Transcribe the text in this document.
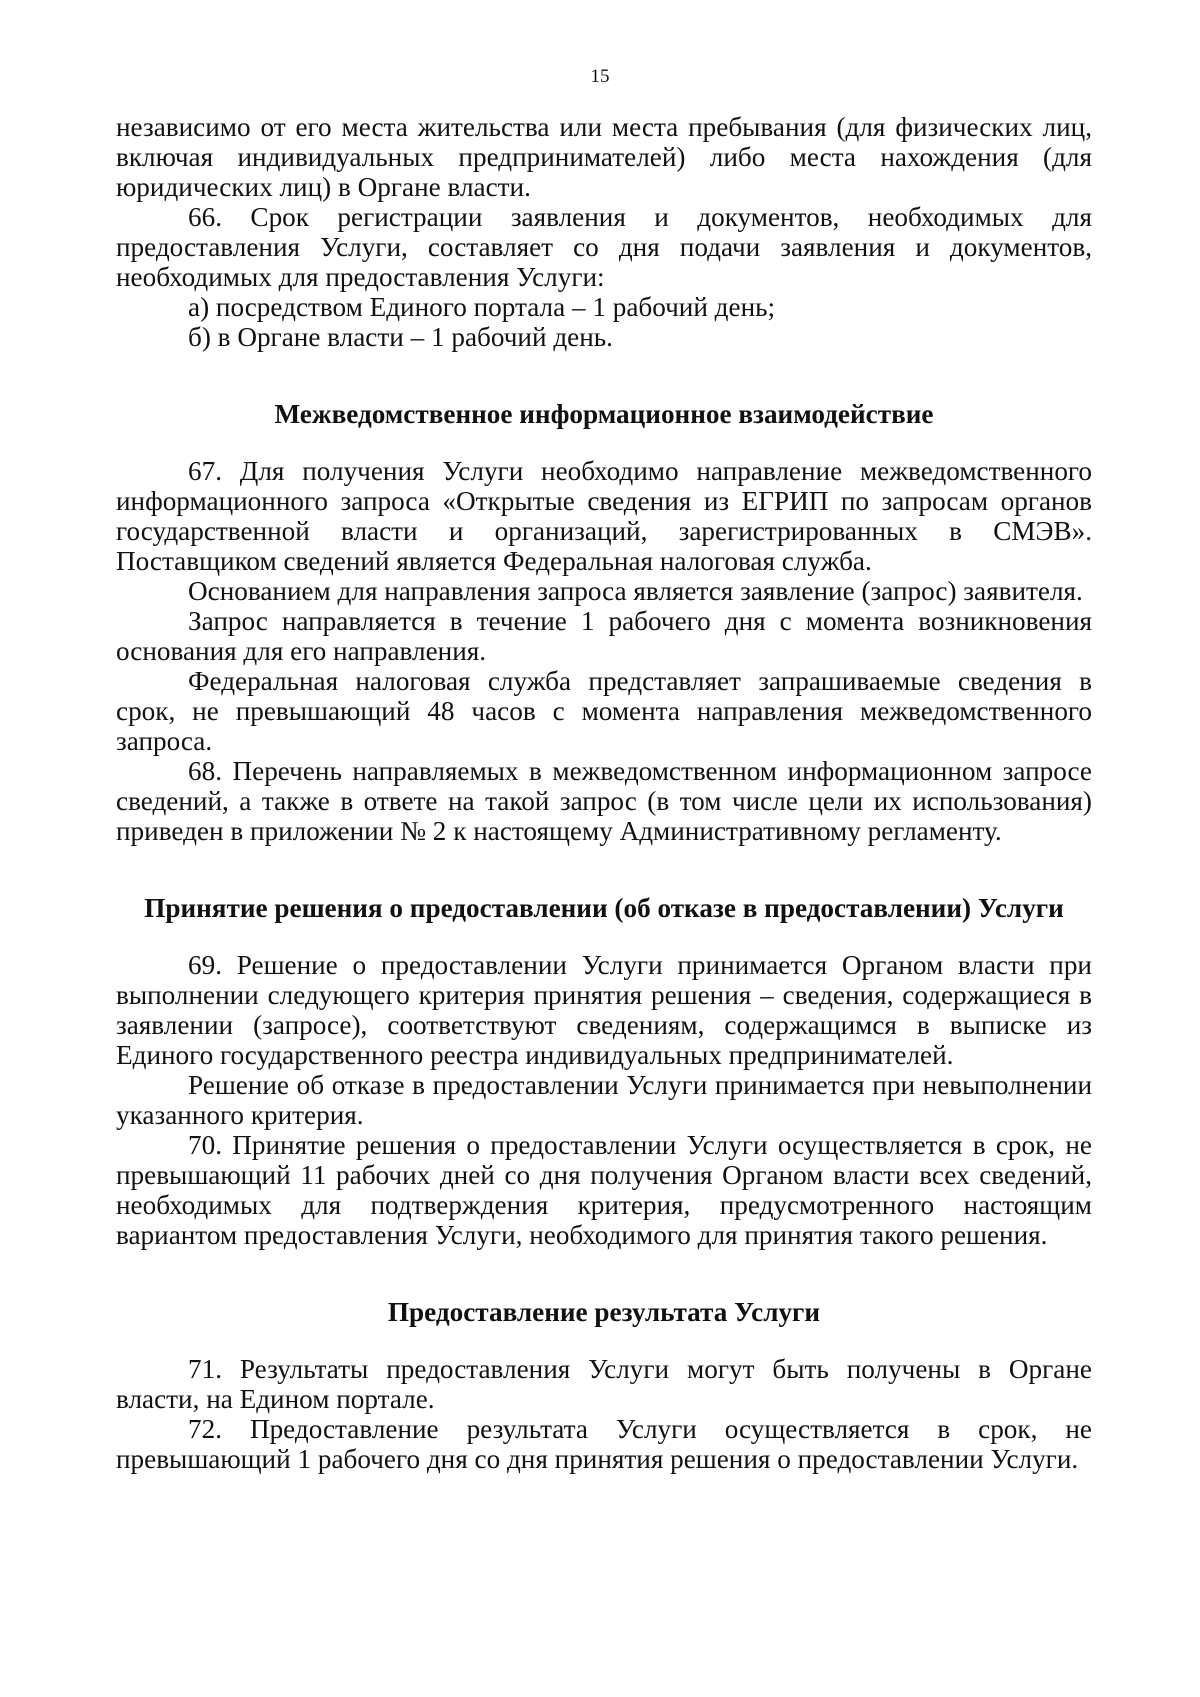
15

независимо от его места жительства или места пребывания (для физических лиц, включая индивидуальных предпринимателей) либо места нахождения (для юридических лиц) в Органе власти.

66. Срок регистрации заявления и документов, необходимых для предоставления Услуги, составляет со дня подачи заявления и документов, необходимых для предоставления Услуги:

а) посредством Единого портала – 1 рабочий день;

б) в Органе власти – 1 рабочий день.

Межведомственное информационное взаимодействие

67. Для получения Услуги необходимо направление межведомственного информационного запроса «Открытые сведения из ЕГРИП по запросам органов государственной власти и организаций, зарегистрированных в СМЭВ». Поставщиком сведений является Федеральная налоговая служба.

Основанием для направления запроса является заявление (запрос) заявителя.

Запрос направляется в течение 1 рабочего дня с момента возникновения основания для его направления.

Федеральная налоговая служба представляет запрашиваемые сведения в срок, не превышающий 48 часов с момента направления межведомственного запроса.

68. Перечень направляемых в межведомственном информационном запросе сведений, а также в ответе на такой запрос (в том числе цели их использования) приведен в приложении № 2 к настоящему Административному регламенту.

Принятие решения о предоставлении (об отказе в предоставлении) Услуги

69. Решение о предоставлении Услуги принимается Органом власти при выполнении следующего критерия принятия решения – сведения, содержащиеся в заявлении (запросе), соответствуют сведениям, содержащимся в выписке из Единого государственного реестра индивидуальных предпринимателей.

Решение об отказе в предоставлении Услуги принимается при невыполнении указанного критерия.

70. Принятие решения о предоставлении Услуги осуществляется в срок, не превышающий 11 рабочих дней со дня получения Органом власти всех сведений, необходимых для подтверждения критерия, предусмотренного настоящим вариантом предоставления Услуги, необходимого для принятия такого решения.

Предоставление результата Услуги

71. Результаты предоставления Услуги могут быть получены в Органе власти, на Едином портале.

72. Предоставление результата Услуги осуществляется в срок, не превышающий 1 рабочего дня со дня принятия решения о предоставлении Услуги.
